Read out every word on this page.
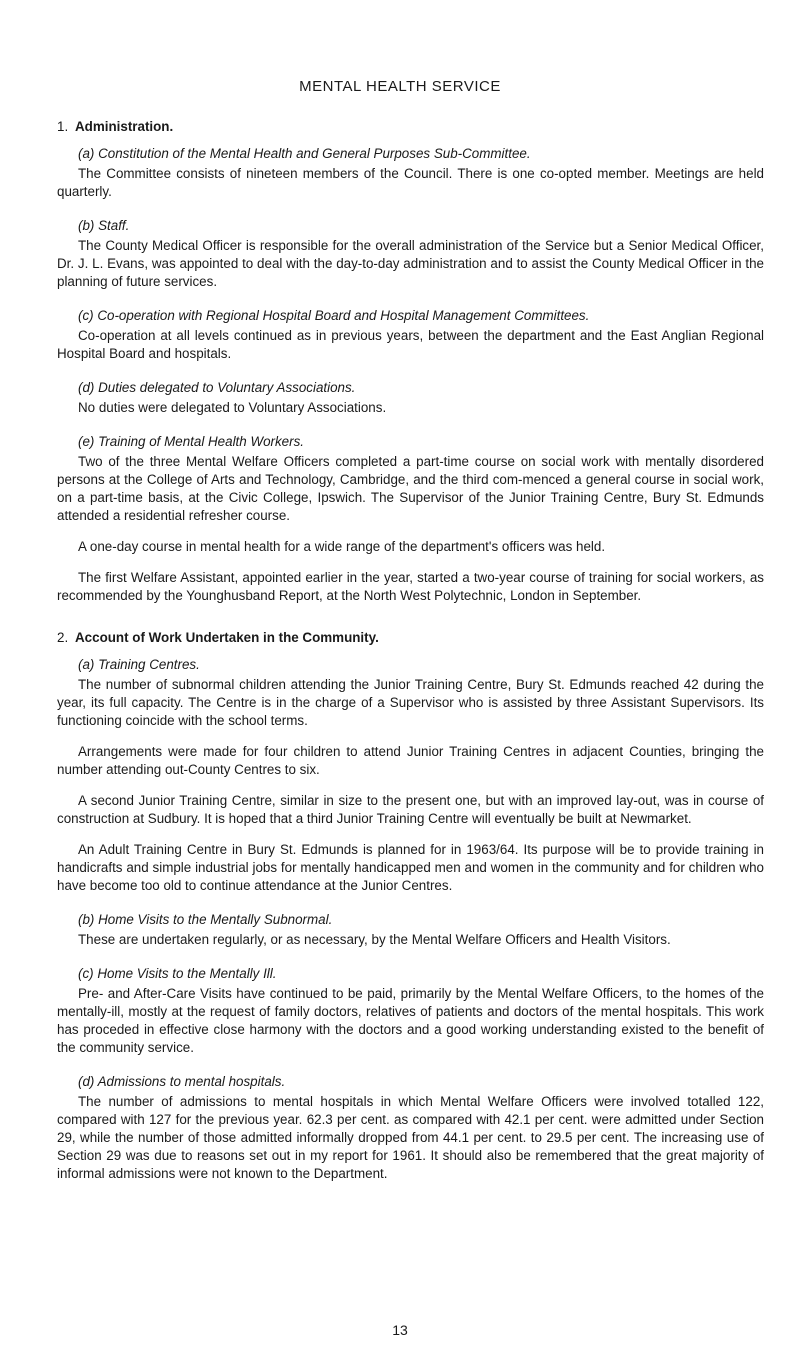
MENTAL HEALTH SERVICE
1. Administration.
(a) Constitution of the Mental Health and General Purposes Sub-Committee.

The Committee consists of nineteen members of the Council. There is one co-opted member. Meetings are held quarterly.

(b) Staff.

The County Medical Officer is responsible for the overall administration of the Service but a Senior Medical Officer, Dr. J. L. Evans, was appointed to deal with the day-to-day administration and to assist the County Medical Officer in the planning of future services.

(c) Co-operation with Regional Hospital Board and Hospital Management Committees.

Co-operation at all levels continued as in previous years, between the department and the East Anglian Regional Hospital Board and hospitals.

(d) Duties delegated to Voluntary Associations.

No duties were delegated to Voluntary Associations.

(e) Training of Mental Health Workers.

Two of the three Mental Welfare Officers completed a part-time course on social work with mentally disordered persons at the College of Arts and Technology, Cambridge, and the third com-menced a general course in social work, on a part-time basis, at the Civic College, Ipswich. The Supervisor of the Junior Training Centre, Bury St. Edmunds attended a residential refresher course.

A one-day course in mental health for a wide range of the department's officers was held.

The first Welfare Assistant, appointed earlier in the year, started a two-year course of training for social workers, as recommended by the Younghusband Report, at the North West Polytechnic, London in September.

2. Account of Work Undertaken in the Community.
(a) Training Centres.

The number of subnormal children attending the Junior Training Centre, Bury St. Edmunds reached 42 during the year, its full capacity. The Centre is in the charge of a Supervisor who is assisted by three Assistant Supervisors. Its functioning coincide with the school terms.

Arrangements were made for four children to attend Junior Training Centres in adjacent Counties, bringing the number attending out-County Centres to six.

A second Junior Training Centre, similar in size to the present one, but with an improved lay-out, was in course of construction at Sudbury. It is hoped that a third Junior Training Centre will eventually be built at Newmarket.

An Adult Training Centre in Bury St. Edmunds is planned for in 1963/64. Its purpose will be to provide training in handicrafts and simple industrial jobs for mentally handicapped men and women in the community and for children who have become too old to continue attendance at the Junior Centres.

(b) Home Visits to the Mentally Subnormal.

These are undertaken regularly, or as necessary, by the Mental Welfare Officers and Health Visitors.

(c) Home Visits to the Mentally Ill.

Pre- and After-Care Visits have continued to be paid, primarily by the Mental Welfare Officers, to the homes of the mentally-ill, mostly at the request of family doctors, relatives of patients and doctors of the mental hospitals. This work has proceded in effective close harmony with the doctors and a good working understanding existed to the benefit of the community service.

(d) Admissions to mental hospitals.

The number of admissions to mental hospitals in which Mental Welfare Officers were involved totalled 122, compared with 127 for the previous year. 62.3 per cent. as compared with 42.1 per cent. were admitted under Section 29, while the number of those admitted informally dropped from 44.1 per cent. to 29.5 per cent. The increasing use of Section 29 was due to reasons set out in my report for 1961. It should also be remembered that the great majority of informal admissions were not known to the Department.

13
